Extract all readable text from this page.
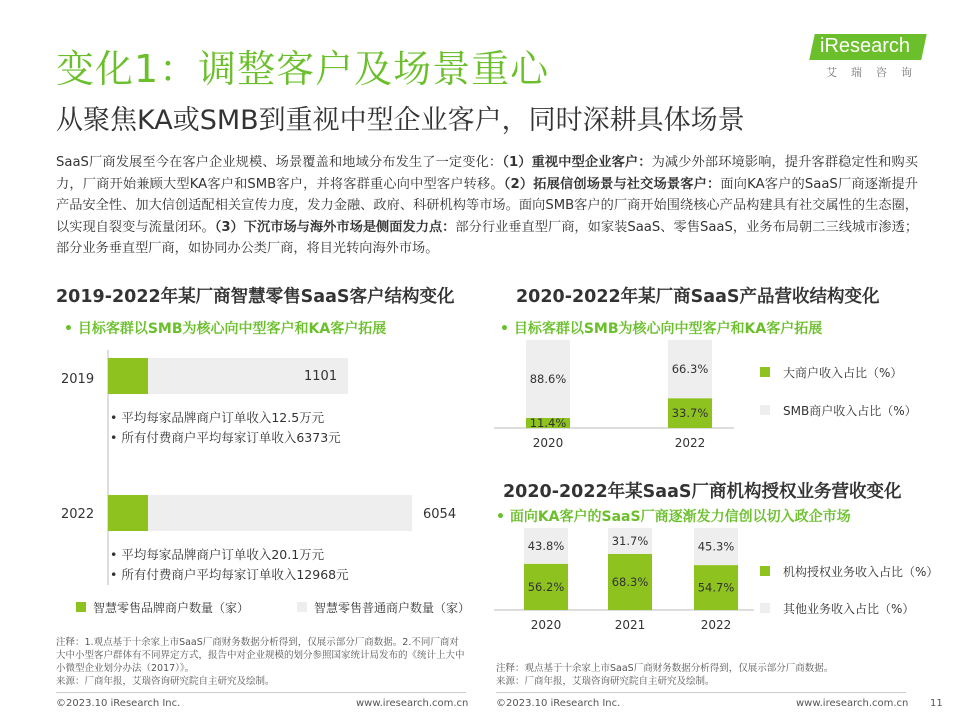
变化1：调整客户及场景重心
从聚焦KA或SMB到重视中型企业客户，同时深耕具体场景
iResearch
艾瑞咨询
SaaS厂商发展至今在客户企业规模、场景覆盖和地域分布发生了一定变化：（1）重视中型企业客户：为减少外部环境影响，提升客群稳定性和购买力，厂商开始兼顾大型KA客户和SMB客户，并将客群重心向中型客户转移。（2）拓展信创场景与社交场景客户：面向KA客户的SaaS厂商逐渐提升产品安全性、加大信创适配相关宣传力度，发力金融、政府、科研机构等市场。面向SMB客户的厂商开始围绕核心产品构建具有社交属性的生态圈，以实现自裂变与流量闭环。（3）下沉市场与海外市场是侧面发力点：部分行业垂直型厂商，如家装SaaS、零售SaaS，业务布局朝二三线城市渗透；部分业务垂直型厂商，如协同办公类厂商，将目光转向海外市场。
2019-2022年某厂商智慧零售SaaS客户结构变化
• 目标客群以SMB为核心向中型客户和KA客户拓展
2019	1101
2022	6054
• 平均每家品牌商户订单收入12.5万元
• 所有付费商户平均每家订单收入6373元
• 平均每家品牌商户订单收入20.1万元
• 所有付费商户平均每家订单收入12968元
智慧零售品牌商户数量（家）	智慧零售普通商户数量（家）
注释：1.观点基于十余家上市SaaS厂商财务数据分析得到，仅展示部分厂商数据。2.不同厂商对大中小型客户群体有不同界定方式，报告中对企业规模的划分参照国家统计局发布的《统计上大中小微型企业划分办法（2017）》。
来源：厂商年报，艾瑞咨询研究院自主研究及绘制。
©2023.10 iResearch Inc.	www.iresearch.com.cn
2020-2022年某厂商SaaS产品营收结构变化
• 目标客群以SMB为核心向中型客户和KA客户拓展
11.4%
88.6%
2020
33.7%
66.3%
2022
大商户收入占比（%）
SMB商户收入占比（%）
2020-2022年某SaaS厂商机构授权业务营收变化
• 面向KA客户的SaaS厂商逐渐发力信创以切入政企市场
56.2%
43.8%
2020
68.3%
31.7%
2021
54.7%
45.3%
2022
机构授权业务收入占比（%）
其他业务收入占比（%）
注释：观点基于十余家上市SaaS厂商财务数据分析得到，仅展示部分厂商数据。
来源：厂商年报，艾瑞咨询研究院自主研究及绘制。
©2023.10 iResearch Inc.	www.iresearch.com.cn 11
